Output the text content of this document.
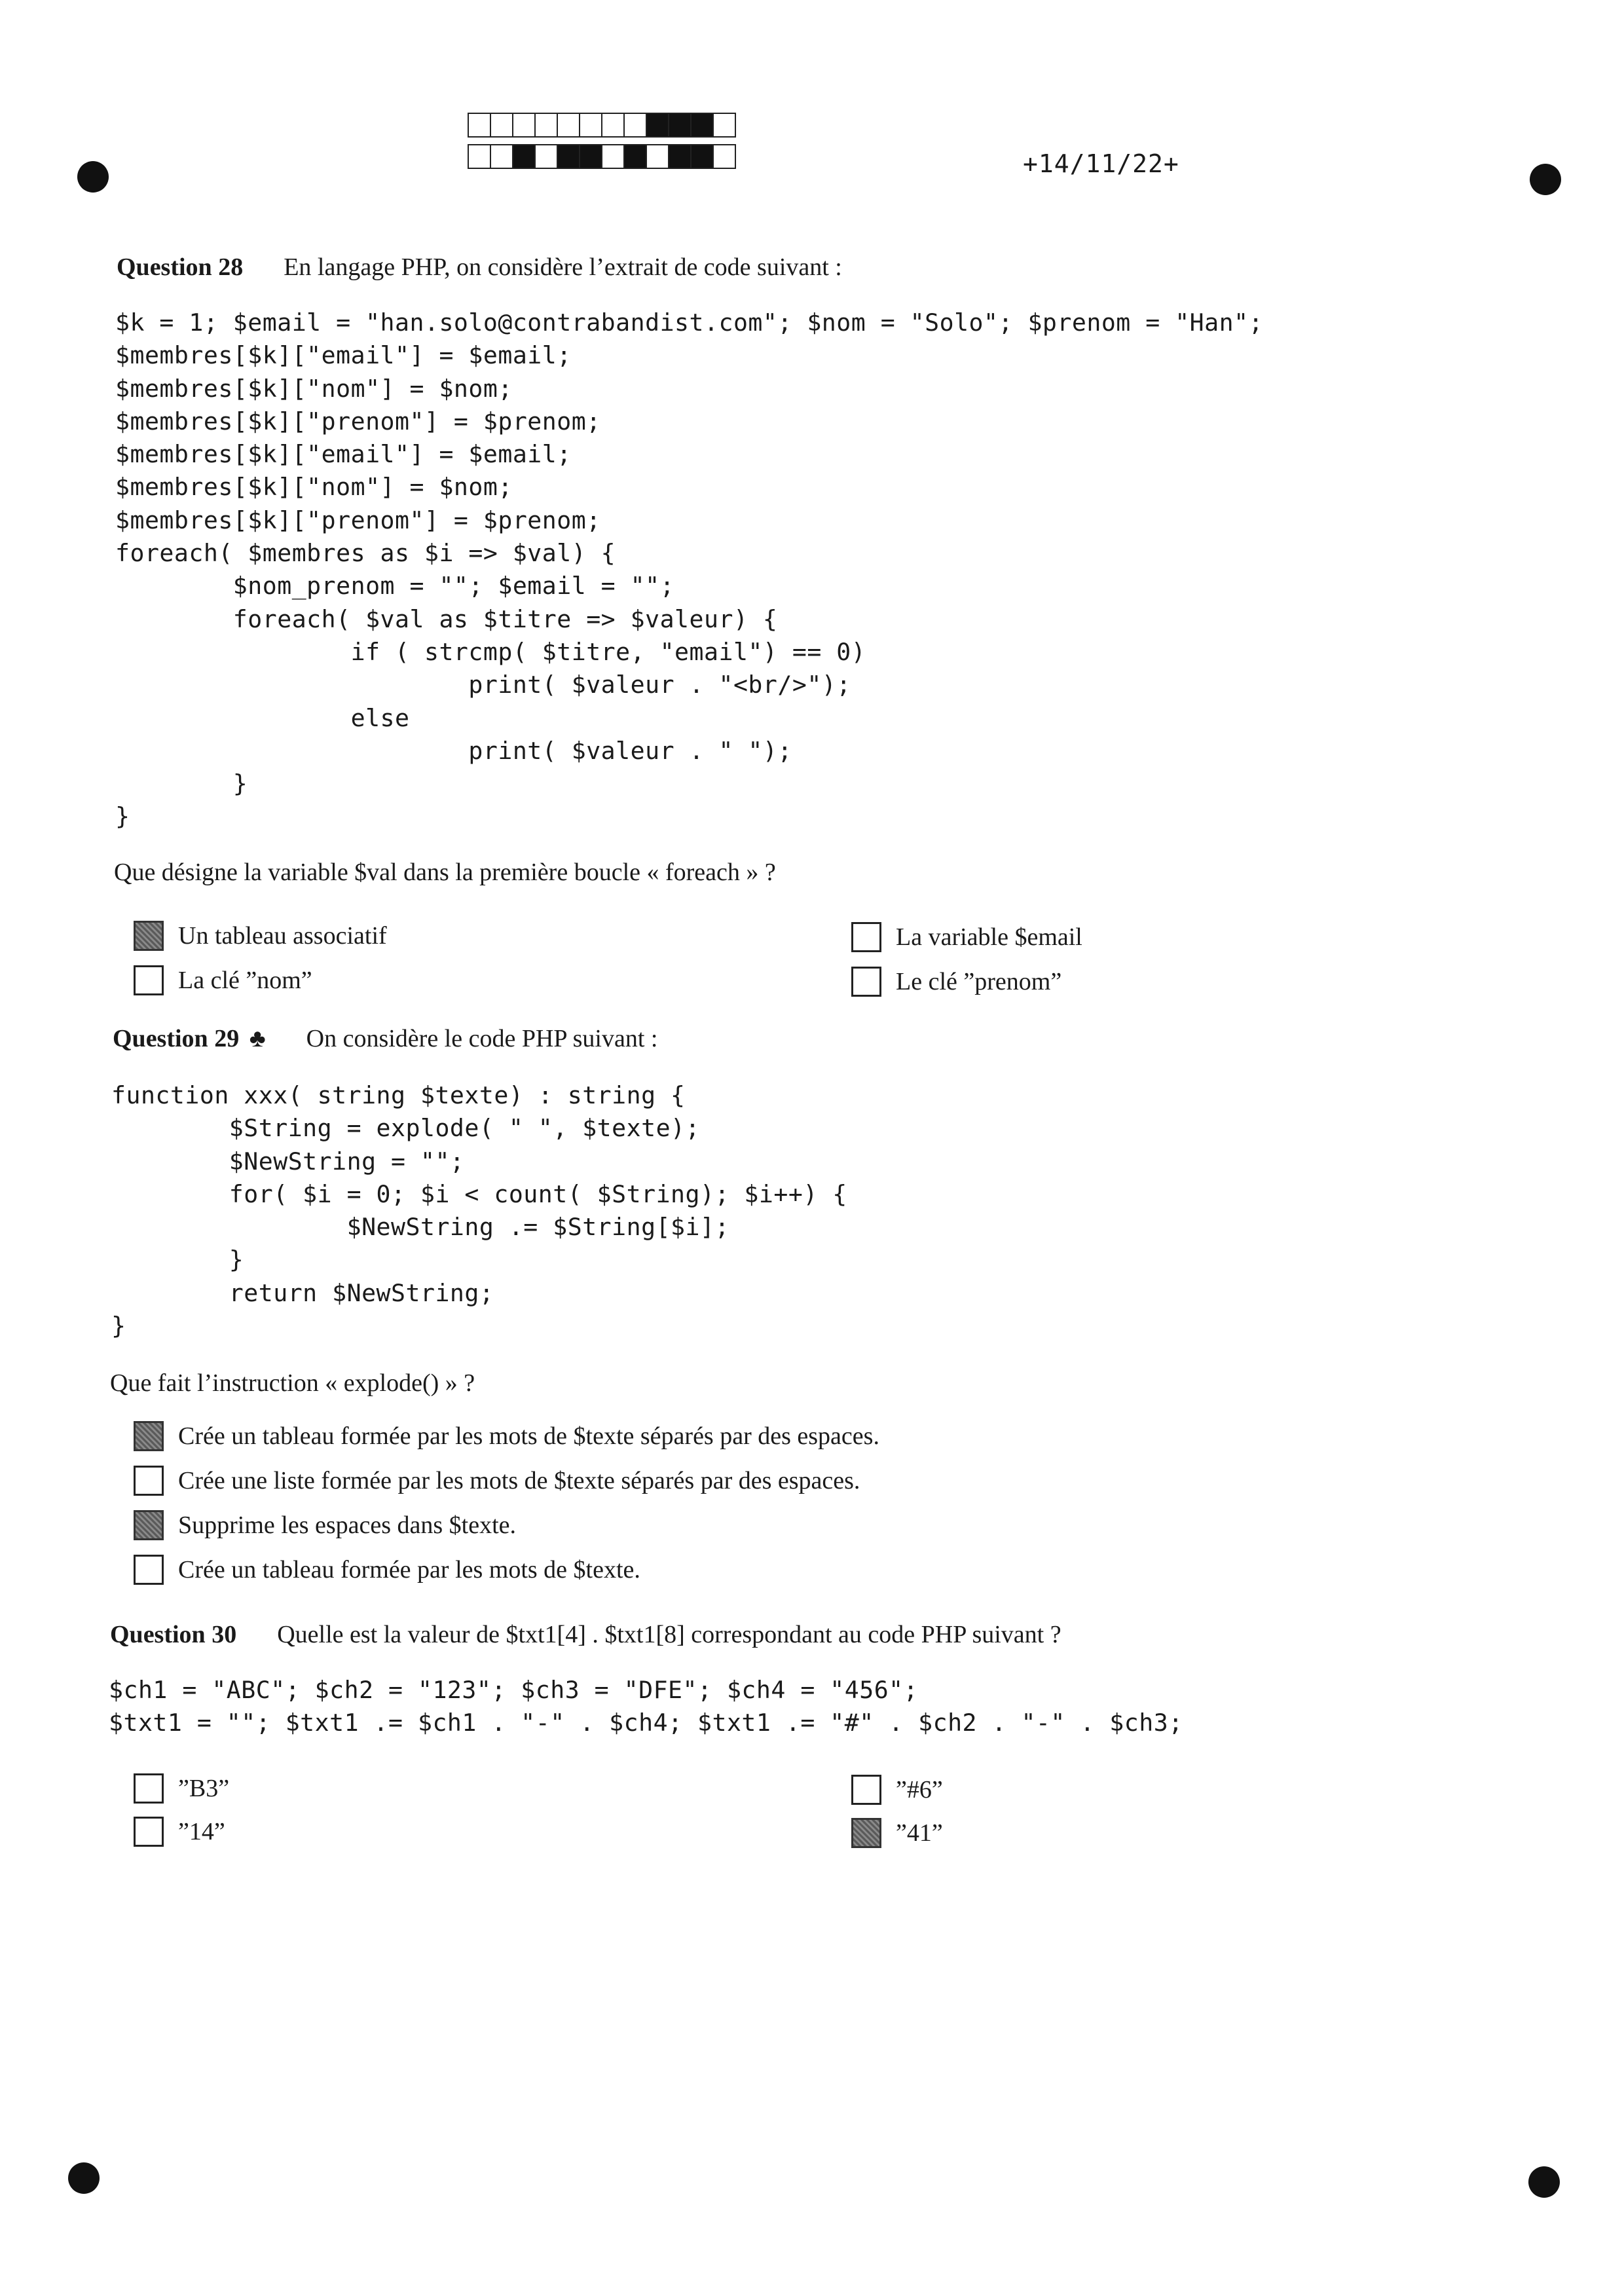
+14/11/22+
Question 28 En langage PHP, on considère l’extrait de code suivant :
$k = 1; $email = "han.solo@contrabandist.com"; $nom = "Solo"; $prenom = "Han";
$membres[$k]["email"] = $email;
$membres[$k]["nom"] = $nom;
$membres[$k]["prenom"] = $prenom;
$membres[$k]["email"] = $email;
$membres[$k]["nom"] = $nom;
$membres[$k]["prenom"] = $prenom;
foreach( $membres as $i => $val) {
$nom_prenom = ""; $email = "";
foreach( $val as $titre => $valeur) {
if ( strcmp( $titre, "email") == 0)
print( $valeur . "<br/>");
else
print( $valeur . " ");
}
}
Que désigne la variable $val dans la première boucle « foreach » ?
Un tableau associatif	La variable $email
La clé ”nom”	Le clé ”prenom”
Question 29 ♣ On considère le code PHP suivant :
function xxx( string $texte) : string {
$String = explode( " ", $texte);
$NewString = "";
for( $i = 0; $i < count( $String); $i++) {
$NewString .= $String[$i];
}
return $NewString;
}
Que fait l’instruction « explode() » ?
Crée un tableau formée par les mots de $texte séparés par des espaces.
Crée une liste formée par les mots de $texte séparés par des espaces.
Supprime les espaces dans $texte.
Crée un tableau formée par les mots de $texte.
Question 30 Quelle est la valeur de $txt1[4] . $txt1[8] correspondant au code PHP suivant ?
$ch1 = "ABC"; $ch2 = "123"; $ch3 = "DFE"; $ch4 = "456";
$txt1 = ""; $txt1 .= $ch1 . "-" . $ch4; $txt1 .= "#" . $ch2 . "-" . $ch3;
”B3”	”#6”
”14”	”41”
